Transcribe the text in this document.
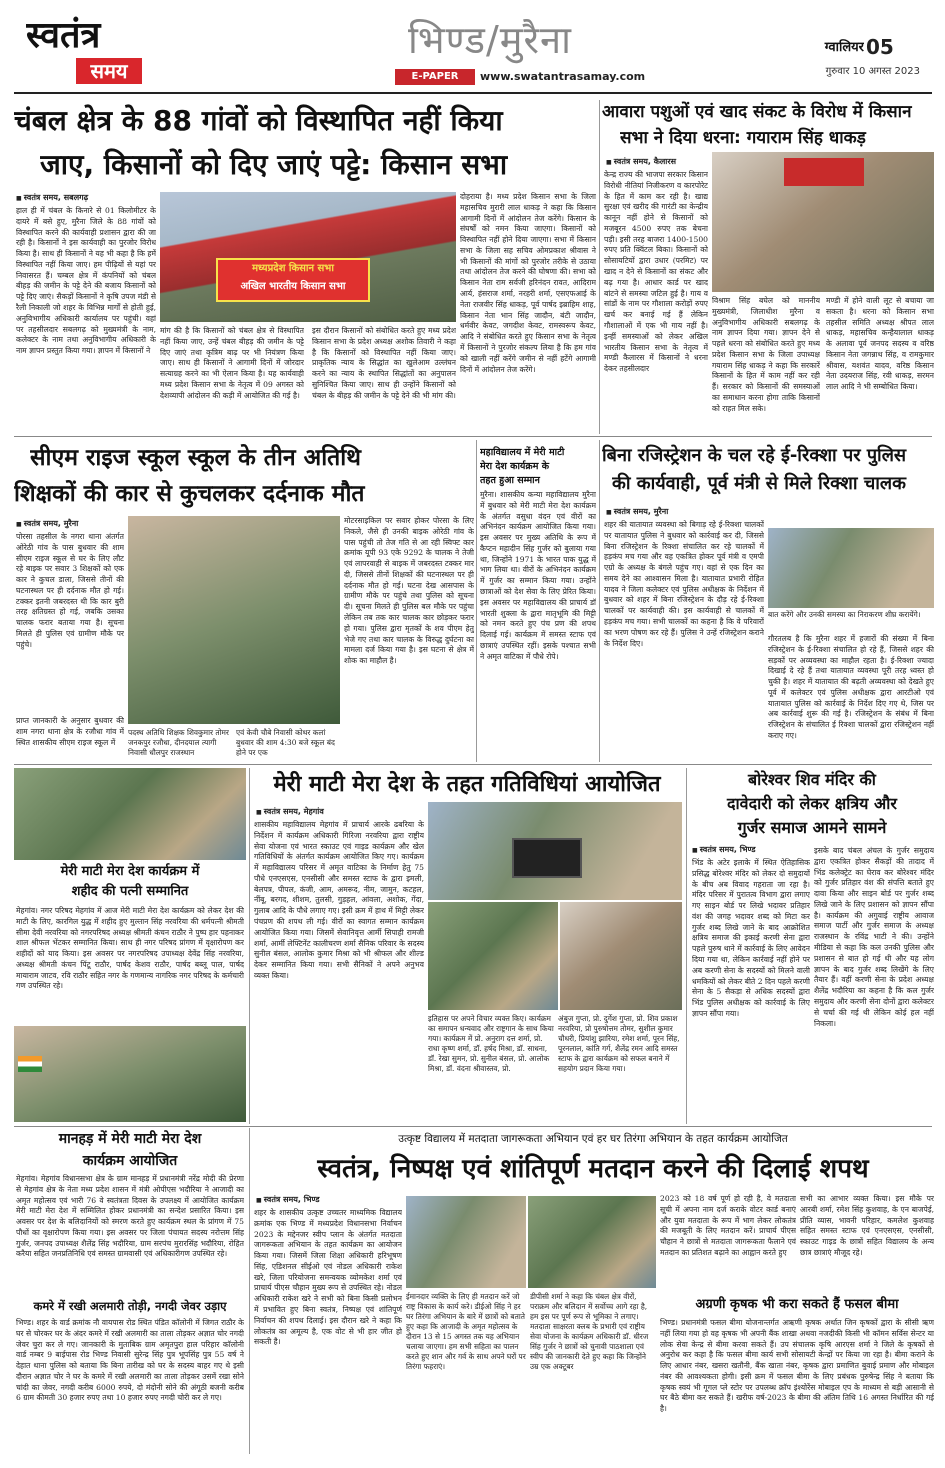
स्वतंत्र
समय
भिण्ड/मुरैना
E-PAPER	www.swatantrasamay.com
ग्वालियर 05
गुरुवार 10 अगस्त 2023
चंबल क्षेत्र के 88 गांवों को विस्थापित नहीं किया
जाए, किसानों को दिए जाएं पट्टे: किसान सभा
■ स्वतंत्र समय, सबलगढ़
हाल ही में चंबल के किनारे से 01 किलोमीटर के दायरे में बसे हुए, मुरैना जिले के 88 गांवों को विस्थापित करने की कार्यवाही प्रशासन द्वारा की जा रही है। किसानों ने इस कार्यवाही का पुरजोर विरोध किया है। साथ ही किसानों ने यह भी कहा है कि हमें विस्थापित नहीं किया जाए। हम पीढ़ियों से यहां पर निवासरत हैं। चम्बल क्षेत्र में कंपनियों को चंबल बीहड़ की जमीन के पट्टे देने की बजाय किसानों को पट्टे दिए जाएं। सैकड़ों किसानों ने कृषि उपज मंडी से रैली निकाली जो शहर के विभिन्न मार्गों से होती हुई, अनुविभागीय अधिकारी कार्यालय पर पहुंची। वहां पर तहसीलदार सबलगढ़ को मुख्यमंत्री के नाम, कलेक्टर के नाम तथा अनुविभागीय अधिकारी के नाम ज्ञापन प्रस्तुत किया गया। ज्ञापन में किसानों ने
मध्यप्रदेश किसान सभा
अखिल भारतीय किसान सभा
मांग की है कि किसानों को चंबल क्षेत्र से विस्थापित नहीं किया जाए, उन्हें चंबल बीहड़ की जमीन के पट्टे दिए जाएं तथा कृत्रिम बाढ़ पर भी नियंत्रण किया जाए। साथ ही किसानों ने आगामी दिनों में जोरदार सत्याग्रह करने का भी ऐलान किया है। यह कार्यवाही मध्य प्रदेश किसान सभा के नेतृत्व में 09 अगस्त को देशव्यापी आंदोलन की कड़ी में आयोजित की गई है।
इस दौरान किसानों को संबोधित करते हुए मध्य प्रदेश किसान सभा के प्रदेश अध्यक्ष अशोक तिवारी ने कहा है कि किसानों को विस्थापित नहीं किया जाए। प्राकृतिक न्याय के सिद्धांत का खुलेआम उल्लंघन करने का न्याय के स्थापित सिद्धांतों का अनुपालन सुनिश्चित किया जाए। साथ ही उन्होंने किसानों को चंबल के बीहड़ की जमीन के पट्टे देने की भी मांग की।
दोहराया है। मध्य प्रदेश किसान सभा के जिला महासचिव मुरारी लाल धाकड़ ने कहा कि किसान आगामी दिनों में आंदोलन तेज करेंगे। किसान के संघर्षों को नमन किया जाएगा। किसानों को विस्थापित नहीं होने दिया जाएगा। सभा में किसान सभा के जिला सह सचिव ओमप्रकाश श्रीवास ने भी किसानों की मांगों को पुरजोर तरीके से उठाया तथा आंदोलन तेज करने की घोषणा की। सभा को किसान नेता राम सर्वजी हरिनंदन रावत, आदिराम आर्य, हंसराज शर्मा, नरहरी शर्मा, एसएफआई के नेता राजवीर सिंह धाकड़, पूर्व पार्षद इब्राहिम शाह, किसान नेता भान सिंह जादौन, बंटी जादौन, धर्मवीर केवट, जगदीश केवट, रामस्वरूप केवट, आदि ने संबोधित करते हुए किसान सभा के नेतृत्व में किसानों ने पुरजोर संकल्प लिया है कि हम गांव को खाली नहीं करेंगे जमीन से नहीं हटेंगे आगामी दिनों में आंदोलन तेज करेंगे।
आवारा पशुओं एवं खाद संकट के विरोध में किसान
सभा ने दिया धरना: गयाराम सिंह धाकड़
■ स्वतंत्र समय, कैलारस
केन्द्र राज्य की भाजपा सरकार किसान विरोधी नीतियां निजीकरण व कारपोरेट के हित में काम कर रही है। खाद्य सुरक्षा एवं खरीद की गारंटी का केन्द्रीय कानून नहीं होने से किसानों को मजबूरन 4500 रुपए तक बेचना पड़ी। इसी तरह बाजरा 1400-1500 रुपए प्रति क्विंटल बिका। किसानों को सोसायटियों द्वारा उधार (परमिट) पर खाद न देने से किसानों का संकट और बढ़ गया है। आधार कार्ड पर खाद बांटने से समस्या जटिल हुई है। गाय व सांडों के नाम पर गौशाला करोड़ों रुपए खर्च कर बनाई गई हैं लेकिन गौशालाओं में एक भी गाय नहीं है। इन्हीं समस्याओं को लेकर अखिल भारतीय किसान सभा के नेतृत्व में मण्डी कैलारस में किसानों ने धरना देकर तहसीलदार
विश्राम सिंह बघेल को माननीय मुख्यमंत्री, जिलाधीश मुरैना व अनुविभागीय अधिकारी सबलगढ़ के नाम ज्ञापन दिया गया। ज्ञापन देने से पहले धरना को संबोधित करते हुए मध्य प्रदेश किसान सभा के जिला उपाध्यक्ष गयाराम सिंह धाकड़ ने कहा कि सरकारें किसानों के हित में काम नहीं कर रही हैं। सरकार को किसानों की समस्याओं का समाधान करना होगा ताकि किसानों को राहत मिल सके।
मण्डी में होने वाली लूट से बचाया जा सकता है। धरना को किसान सभा तहसील समिति अध्यक्ष श्रीपत लाल धाकड़, महासचिव कन्हैयालाल धाकड़ के अलावा पूर्व जनपद सदस्य व वरिष्ठ किसान नेता जगन्नाथ सिंह, व रामकुमार श्रीवास, यशवंत यादव, वरिष्ठ किसान नेता उदयराज सिंह, रवी धाकड़, सरमन लाल आदि ने भी सम्बोधित किया।
सीएम राइज स्कूल स्कूल के तीन अतिथि
शिक्षकों की कार से कुचलकर दर्दनाक मौत
■ स्वतंत्र समय, मुरैना
पोरसा तहसील के नगरा थाना अंतर्गत ओरेठी गांव के पास बुधवार की शाम सीएम राइज स्कूल से घर के लिए लौट रहे बाइक पर सवार 3 शिक्षकों को एक कार ने कुचल डाला, जिससे तीनों की घटनास्थल पर ही दर्दनाक मौत हो गई। टक्कर इतनी जबरदस्त थी कि कार बुरी तरह क्षतिग्रस्त हो गई, जबकि उसका चालक फरार बताया गया है। सूचना मिलते ही पुलिस एवं ग्रामीण मौके पर पहुंचे।
प्राप्त जानकारी के अनुसार बुधवार की शाम नगरा थाना क्षेत्र के रजौधा गांव में स्थित शासकीय सीएम राइज स्कूल में
पदस्थ अतिथि शिक्षक शिवकुमार तोमर जनकपुर रजौधा, दीनदयाल त्यागी निवासी धौलपुर राजस्थान
एवं केवी चौबे निवासी कोथर कलां बुधवार की शाम 4:30 बजे स्कूल बंद होने पर एक
मोटरसाइकिल पर सवार होकर पोरसा के लिए निकले, जैसे ही उनकी बाइक ओरेठी गांव के पास पहुंची तो तेज गति से आ रही स्विफ्ट कार क्रमांक यूपी 93 एके 9292 के चालक ने तेजी एवं लापरवाही से बाइक में जबरदस्त टक्कर मार दी, जिससे तीनों शिक्षकों की घटनास्थल पर ही दर्दनाक मौत हो गई। घटना देख आसपास के ग्रामीण मौके पर पहुंचे तथा पुलिस को सूचना दी। सूचना मिलते ही पुलिस बल मौके पर पहुंचा लेकिन तब तक कार चालक कार छोड़कर फरार हो गया। पुलिस द्वारा मृतकों के शव पीएम हेतु भेजे गए तथा कार चालक के विरुद्ध दुर्घटना का मामला दर्ज किया गया है। इस घटना से क्षेत्र में शोक का माहौल है।
महाविद्यालय में मेरी माटी
मेरा देश कार्यक्रम के
तहत हुआ सम्मान
मुरैना। शासकीय कन्या महाविद्यालय मुरैना में बुधवार को मेरी माटी मेरा देश कार्यक्रम के अंतर्गत वसुधा वंदन एवं वीरों का अभिनंदन कार्यक्रम आयोजित किया गया। इस अवसर पर मुख्य अतिथि के रूप में कैप्टन महादीन सिंह गुर्जर को बुलाया गया था, जिन्होंने 1971 के भारत पाक युद्ध में भाग लिया था। वीरों के अभिनंदन कार्यक्रम में गुर्जर का सम्मान किया गया। उन्होंने छात्राओं को देश सेवा के लिए प्रेरित किया। इस अवसर पर महाविद्यालय की प्राचार्य डॉ भारती शुक्ला के द्वारा मातृभूमि की मिट्टी को नमन करते हुए पंच प्रण की शपथ दिलाई गई। कार्यक्रम में समस्त स्टाफ एवं छात्राएं उपस्थित रहीं। इसके पश्चात सभी ने अमृत वाटिका में पौधे रोपे।
बिना रजिस्ट्रेशन के चल रहे ई-रिक्शा पर पुलिस
की कार्यवाही, पूर्व मंत्री से मिले रिक्शा चालक
■ स्वतंत्र समय, मुरैना
शहर की यातायात व्यवस्था को बिगाड़ रहे ई-रिक्शा चालकों पर यातायात पुलिस ने बुधवार को कार्रवाई कर दी, जिससे बिना रजिस्ट्रेशन के रिक्शा संचालित कर रहे चालकों में हड़कंप मच गया और वह एकत्रित होकर पूर्व मंत्री व एमपी एग्रो के अध्यक्ष के बंगले पहुंच गए। वहां से एक दिन का समय देने का आश्वासन मिला है। यातायात प्रभारी रोहित यादव ने जिला कलेक्टर एवं पुलिस अधीक्षक के निर्देशन में बुधवार को शहर में बिना रजिस्ट्रेशन के दौड़ रहे ई-रिक्शा चालकों पर कार्यवाही की। इस कार्यवाही से चालकों में हड़कंप मच गया। सभी चालकों का कहना है कि वे परिवारों का भरण पोषण कर रहे हैं। पुलिस ने उन्हें रजिस्ट्रेशन कराने के निर्देश दिए।
बात करेंगे और उनकी समस्या का निराकरण शीघ्र करायेंगे।
गौरतलब है कि मुरैना शहर में हजारों की संख्या में बिना रजिस्ट्रेशन के ई-रिक्शा संचालित हो रहे हैं, जिससे शहर की सड़कों पर अव्यवस्था का माहौल रहता है। ई-रिक्शा ज्यादा दिखाई दे रहे हैं तथा यातायात व्यवस्था पूरी तरह ध्वस्त हो चुकी है। शहर में यातायात की बढ़ती अव्यवस्था को देखते हुए पूर्व में कलेक्टर एवं पुलिस अधीक्षक द्वारा आरटीओ एवं यातायात पुलिस को कार्रवाई के निर्देश दिए गए थे, जिस पर अब कार्रवाई शुरू की गई है। रजिस्ट्रेशन के संबंध में बिना रजिस्ट्रेशन के संचालित ई रिक्शा चालकों द्वारा रजिस्ट्रेशन नहीं कराए गए।
मेरी माटी मेरा देश कार्यक्रम में
शहीद की पत्नी सम्मानित
मेहगांव। नगर परिषद मेहगांव में आज मेरी माटी मेरा देश कार्यक्रम को लेकर देश की माटी के लिए, कारगिल युद्ध में शहीद हुए मुल्तान सिंह नरवरिया की धर्मपत्नी श्रीमती सीमा देवी नरवरिया को नगरपरिषद अध्यक्ष श्रीमती कंचन राठौर ने पुष्प हार पहनाकर शाल श्रीफल भेंटकर सम्मानित किया। साथ ही नगर परिषद प्रांगण में वृक्षारोपण कर शहीदों को याद किया। इस अवसर पर नगरपरिषद उपाध्यक्ष देवेंद्र सिंह नरवरिया, अध्यक्ष श्रीमती कंचन पिंटू राठौर, पार्षद केशव राठौर, पार्षद बब्लू पाल, पार्षद मायाराम जाटव, रवि राठौर सहित नगर के गणमान्य नागरिक नगर परिषद के कर्मचारी गण उपस्थित रहे।
मेरी माटी मेरा देश के तहत गतिविधियां आयोजित
■ स्वतंत्र समय, मेहगांव
शासकीय महाविद्यालय मेहगांव में प्राचार्य आरके ढबरिया के निर्देशन में कार्यक्रम अधिकारी गिरिजा नरवरिया द्वारा राष्ट्रीय सेवा योजना एवं भारत स्काउट एवं गाइड कार्यक्रम और खेल गतिविधियों के अंतर्गत कार्यक्रम आयोजित किए गए। कार्यक्रम में महाविद्यालय परिसर में अमृत वाटिका के निर्माण हेतु 75 पौधे एनएसएस, एनसीसी और समस्त स्टाफ के द्वारा इमली, बेलपत्र, पीपल, कंजी, आम, अमरूद, नीम, जामुन, कटहल, नींबू, बरगद, शीशम, तुलसी, गुड़हल, आंवला, अशोक, गेंदा, गुलाब आदि के पौधे लगाए गए। इसी क्रम में हाथ में मिट्टी लेकर पंचप्रण की शपथ ली गई। वीरों का स्वागत सम्मान कार्यक्रम आयोजित किया गया। जिसमें सेवानिवृत्त आर्मी सिपाही रामजी शर्मा, आर्मी लेफ्टिनेंट कालीचरण शर्मा सैनिक परिवार के सदस्य सुनील बंसल, आलोक कुमार मिश्रा को भी श्रीफल और शील्ड देकर सम्मानित किया गया। सभी सैनिकों ने अपने अनुभव व्यक्त किया।
इतिहास पर अपने विचार व्यक्त किए। कार्यक्रम का समापन धन्यवाद और राष्ट्रगान के साथ किया गया। कार्यक्रम में प्रो. अनुराग दत्त शर्मा, प्रो. राधा कृष्ण शर्मा, डॉ. हर्षद मिश्रा, डॉ. साधना, डॉ. रेखा सुमन, प्रो. सुनील बंसल, प्रो. आलोक मिश्रा, डॉ. वंदना श्रीवास्तव, प्रो.
अंबुज गुप्ता, प्रो. दुर्गेश गुप्ता, प्रो. शिव प्रकाश नरवरिया, प्रो पुरुषोत्तम तोमर, सुशील कुमार चौधरी, प्रियांशु झारिया, रमेश शर्मा, पूरन सिंह, पूरनलाल, कांति गर्ग, शैलेंद्र रमन आदि समस्त स्टाफ के द्वारा कार्यक्रम को सफल बनाने में सहयोग प्रदान किया गया।
बोरेश्वर शिव मंदिर की
दावेदारी को लेकर क्षत्रिय और
गुर्जर समाज आमने सामने
■ स्वतंत्र समय, भिण्ड
भिंड के अटेर इलाके में स्थित ऐतिहासिक प्रसिद्ध बोरेश्वर मंदिर को लेकर दो समुदायों के बीच अब विवाद गहराता जा रहा है। मंदिर परिसर में पुरातत्व विभाग द्वारा लगाए गए साइन बोर्ड पर लिखे भदावर प्रतिहार वंश की जगह भदावर शब्द को मिटा कर गुर्जर शब्द लिखे जाने के बाद आक्रोशित क्षत्रिय समाज की इकाई करणी सेना द्वारा पहले पुरुष थाने में कार्रवाई के लिए आवेदन दिया गया था, लेकिन कार्रवाई नहीं होने पर अब करणी सेना के सदस्यों को मिलने वाली धमकियों को लेकर बीते 2 दिन पहले करणी सेना के 5 सैकड़ा से अधिक सदस्यों द्वारा भिंड पुलिस अधीक्षक को कार्रवाई के लिए ज्ञापन सौंपा गया।
इसके बाद चंबल अंचल के गुर्जर समुदाय द्वारा एकत्रित होकर सैकड़ों की तादाद में भिंड कलेक्ट्रेट का घेराव कर बोरेश्वर मंदिर को गुर्जर प्रतिहार वंश की संपत्ति बताते हुए दावा किया और साइन बोर्ड पर गुर्जर शब्द लिखे जाने के लिए प्रशासन को ज्ञापन सौंपा है। कार्यक्रम की अगुवाई राष्ट्रीय आवाज समाज पार्टी और गुर्जर समाज के अध्यक्ष राजस्थान के रविंद्र भाटी ने की। उन्होंने मीडिया से कहा कि कल उनकी पुलिस और प्रशासन से बात हो गई थी और यह लोग ज्ञापन के बाद गुर्जर शब्द लिखेंगे के लिए तैयार हैं। वहीं करणी सेना के प्रदेश अध्यक्ष शैलेंद्र भदौरिया का कहना है कि कल गुर्जर समुदाय और करणी सेना दोनों द्वारा कलेक्टर से चर्चा की गई थी लेकिन कोई हल नहीं निकला।
मानहड़ में मेरी माटी मेरा देश
कार्यक्रम आयोजित
मेहगांव। मेहगांव विधानसभा क्षेत्र के ग्राम मानहड़ में प्रधानमंत्री नरेंद्र मोदी की प्रेरणा से मेहगांव क्षेत्र के नेता मध्य प्रदेश शासन में मंत्री ओपीएस भदौरिया ने आजादी का अमृत महोत्सव एवं भारी 76 वे स्वतंत्रता दिवस के उपलक्ष्य में आयोजित कार्यक्रम मेरी माटी मेरा देश में सम्मिलित होकर प्रधानमंत्री का सन्देश प्रसारित किया। इस अवसर पर देश के बलिदानियों को स्मरण करते हुए कार्यक्रम स्थल के प्रांगण में 75 पौधों का वृक्षारोपण किया गया। इस अवसर पर जिला पंचायत सदस्य नरोत्तम सिंह गुर्जर, जनपद उपाध्यक्ष शैलेंद्र सिंह भदौरिया, ग्राम सरपंच मुरारसिंह भदौरिया, रोहित करैया सहित जनप्रतिनिधि एवं समस्त ग्रामवासी एवं अधिकारीगण उपस्थित रहे।
कमरे में रखी अलमारी तोड़ी, नगदी जेवर उड़ाए
भिण्ड। शहर के वार्ड क्रमांक नौ वायपास रोड स्थित पंडित कॉलोनी में जिगत राठौर के घर से चोरकर घर के अंदर कमरे में रखी अलमारी का ताला तोड़कर अज्ञात चोर नगदी जेवर चुरा कर ले गए। जानकारी के मुताबिक ग्राम अमृतपुरा हाल परिहार कॉलोनी वार्ड नम्बर 9 बाईपास रोड भिण्ड निवासी सुरेन्द्र सिंह पुत्र भूपसिंह पुत्र 55 वर्ष ने देहात थाना पुलिस को बताया कि बिना तारीख को घर के सदस्य बाहर गए थे इसी दौरान अज्ञात चोर ने घर के कमरे में रखी अलमारी का ताला तोड़कर उसमें रखा सोने चांदी का जेवर, नगदी करीब 6000 रुपये, दो मंदोनी सोने की अंगूठी बजनी करीब 6 ग्राम कीमती 30 हजार रुपए तथा 10 हजार रुपए नगदी चोरी कर ले गए।
उत्कृष्ट विद्यालय में मतदाता जागरूकता अभियान एवं हर घर तिरंगा अभियान के तहत कार्यक्रम आयोजित
स्वतंत्र, निष्पक्ष एवं शांतिपूर्ण मतदान करने की दिलाई शपथ
■ स्वतंत्र समय, भिण्ड
शहर के शासकीय उत्कृष्ट उच्चतर माध्यमिक विद्यालय क्रमांक एक भिण्ड में मध्यप्रदेश विधानसभा निर्वाचन 2023 के मद्देनजर स्वीप प्लान के अंतर्गत मतदाता जागरूकता अभियान के तहत कार्यक्रम का आयोजन किया गया। जिसमें जिला शिक्षा अधिकारी हरिभूषण सिंह, एडिशनल सीईओ एवं नोडल अधिकारी राकेश खरे, जिला परियोजना समन्वयक व्योमकेश शर्मा एवं प्राचार्य पीएस चौहान मुख्य रूप से उपस्थित रहे। नोडल अधिकारी राकेश खरे ने सभी को बिना किसी प्रलोभन में प्रभावित हुए बिना स्वतंत्र, निष्पक्ष एवं शांतिपूर्ण निर्वाचन की शपथ दिलाई। इस दौरान खरे ने कहा कि लोकतंत्र का अमूल्य है, एक वोट से भी हार जीत हो सकती है।
ईमानदार व्यक्ति के लिए ही मतदान करें जो राष्ट्र विकास के कार्य करे। डीईओ सिंह ने हर घर तिरंगा अभियान के बारे में छात्रों को बताते हुए कहा कि आजादी के अमृत महोत्सव के दौरान 13 से 15 अगस्त तक यह अभियान चलाया जाएगा। हम सभी सहिता का पालन करते हुए शान और गर्व के साथ अपने घरों पर तिरंगा फहराएं।
डीपीसी शर्मा ने कहा कि चंबल क्षेत्र वीरों, पराक्रम और बलिदान में सर्वोच्च आगे रहा है, हम इस पर पूर्ण रूप से भूमिका ने लगाए। मतदाता साक्षरता क्लब के प्रभारी एवं राष्ट्रीय सेवा योजना के कार्यक्रम अधिकारी डॉ. धीरज सिंह गुर्जर ने छात्रों को चुनावी पाठशाला एवं स्वीप की जानकारी देते हुए कहा कि जिन्होंने उम्र एक अक्टूबर
2023 को 18 वर्ष पूर्ण हो रही है, वे मतदाता सूची में अपना नाम दर्ज कराके वोटर कार्ड बनाएं और युवा मतदाता के रूप में भाग लेकर लोकतंत्र की मजबूती के लिए मतदान करें। प्राचार्य पीएस चौहान ने छात्रों से मतदाता जागरूकता फैलाने एवं मतदान का प्रतिशत बढ़ाने का आह्वान करते हुए
सभी का आभार व्यक्त किया। इस मौके पर आरबी शर्मा, रमेश सिंह कुशवाह, के एन बाजपेई, प्रीति व्यास, भावनी परिहार, कमलेश कुशवाह सहित समस्त स्टाफ एवं एनएसएस, एनसीसी, स्काउट गाइड के छात्रों सहित विद्यालय के अन्य छात्र छात्राएं मौजूद रहे।
अग्रणी कृषक भी करा सकते हैं फसल बीमा
भिण्ड। प्रधानमंत्री फसल बीमा योजनान्तर्गत अऋणी कृषक अर्थात जिन कृषकों द्वारा के सीसी ऋण नहीं लिया गया हो वह कृषक भी अपनी बैंक शाखा अथवा नजदीकी किसी भी कॉमन सर्विस सेन्टर या लोक सेवा केन्द्र से बीमा करवा सकते हैं। उप संचालक कृषि आरएस शर्मा ने जिले के कृषकों से अनुरोध कर कहा है कि फसल बीमा कार्य सभी सोसायटी केन्द्रों पर किया जा रहा है। बीमा कराने के लिए आधार नंबर, खसरा खतौनी, बैंक खाता नंबर, कृषक द्वारा प्रमाणित बुवाई प्रमाण और मोबाइल नंबर की आवश्यकता होगी। इसी क्रम में फसल बीमा के लिए प्रबंधक पुरुषेन्द्र सिंह ने बताया कि कृषक स्वयं भी गूगल प्ले स्टोर पर उपलब्ध क्रॉप इंश्योरेंस मोबाइल एप के माध्यम से बड़ी आसानी से घर बैठे बीमा कर सकते हैं। खरीफ वर्ष-2023 के बीमा की अंतिम तिथि 16 अगस्त निर्धारित की गई है।
